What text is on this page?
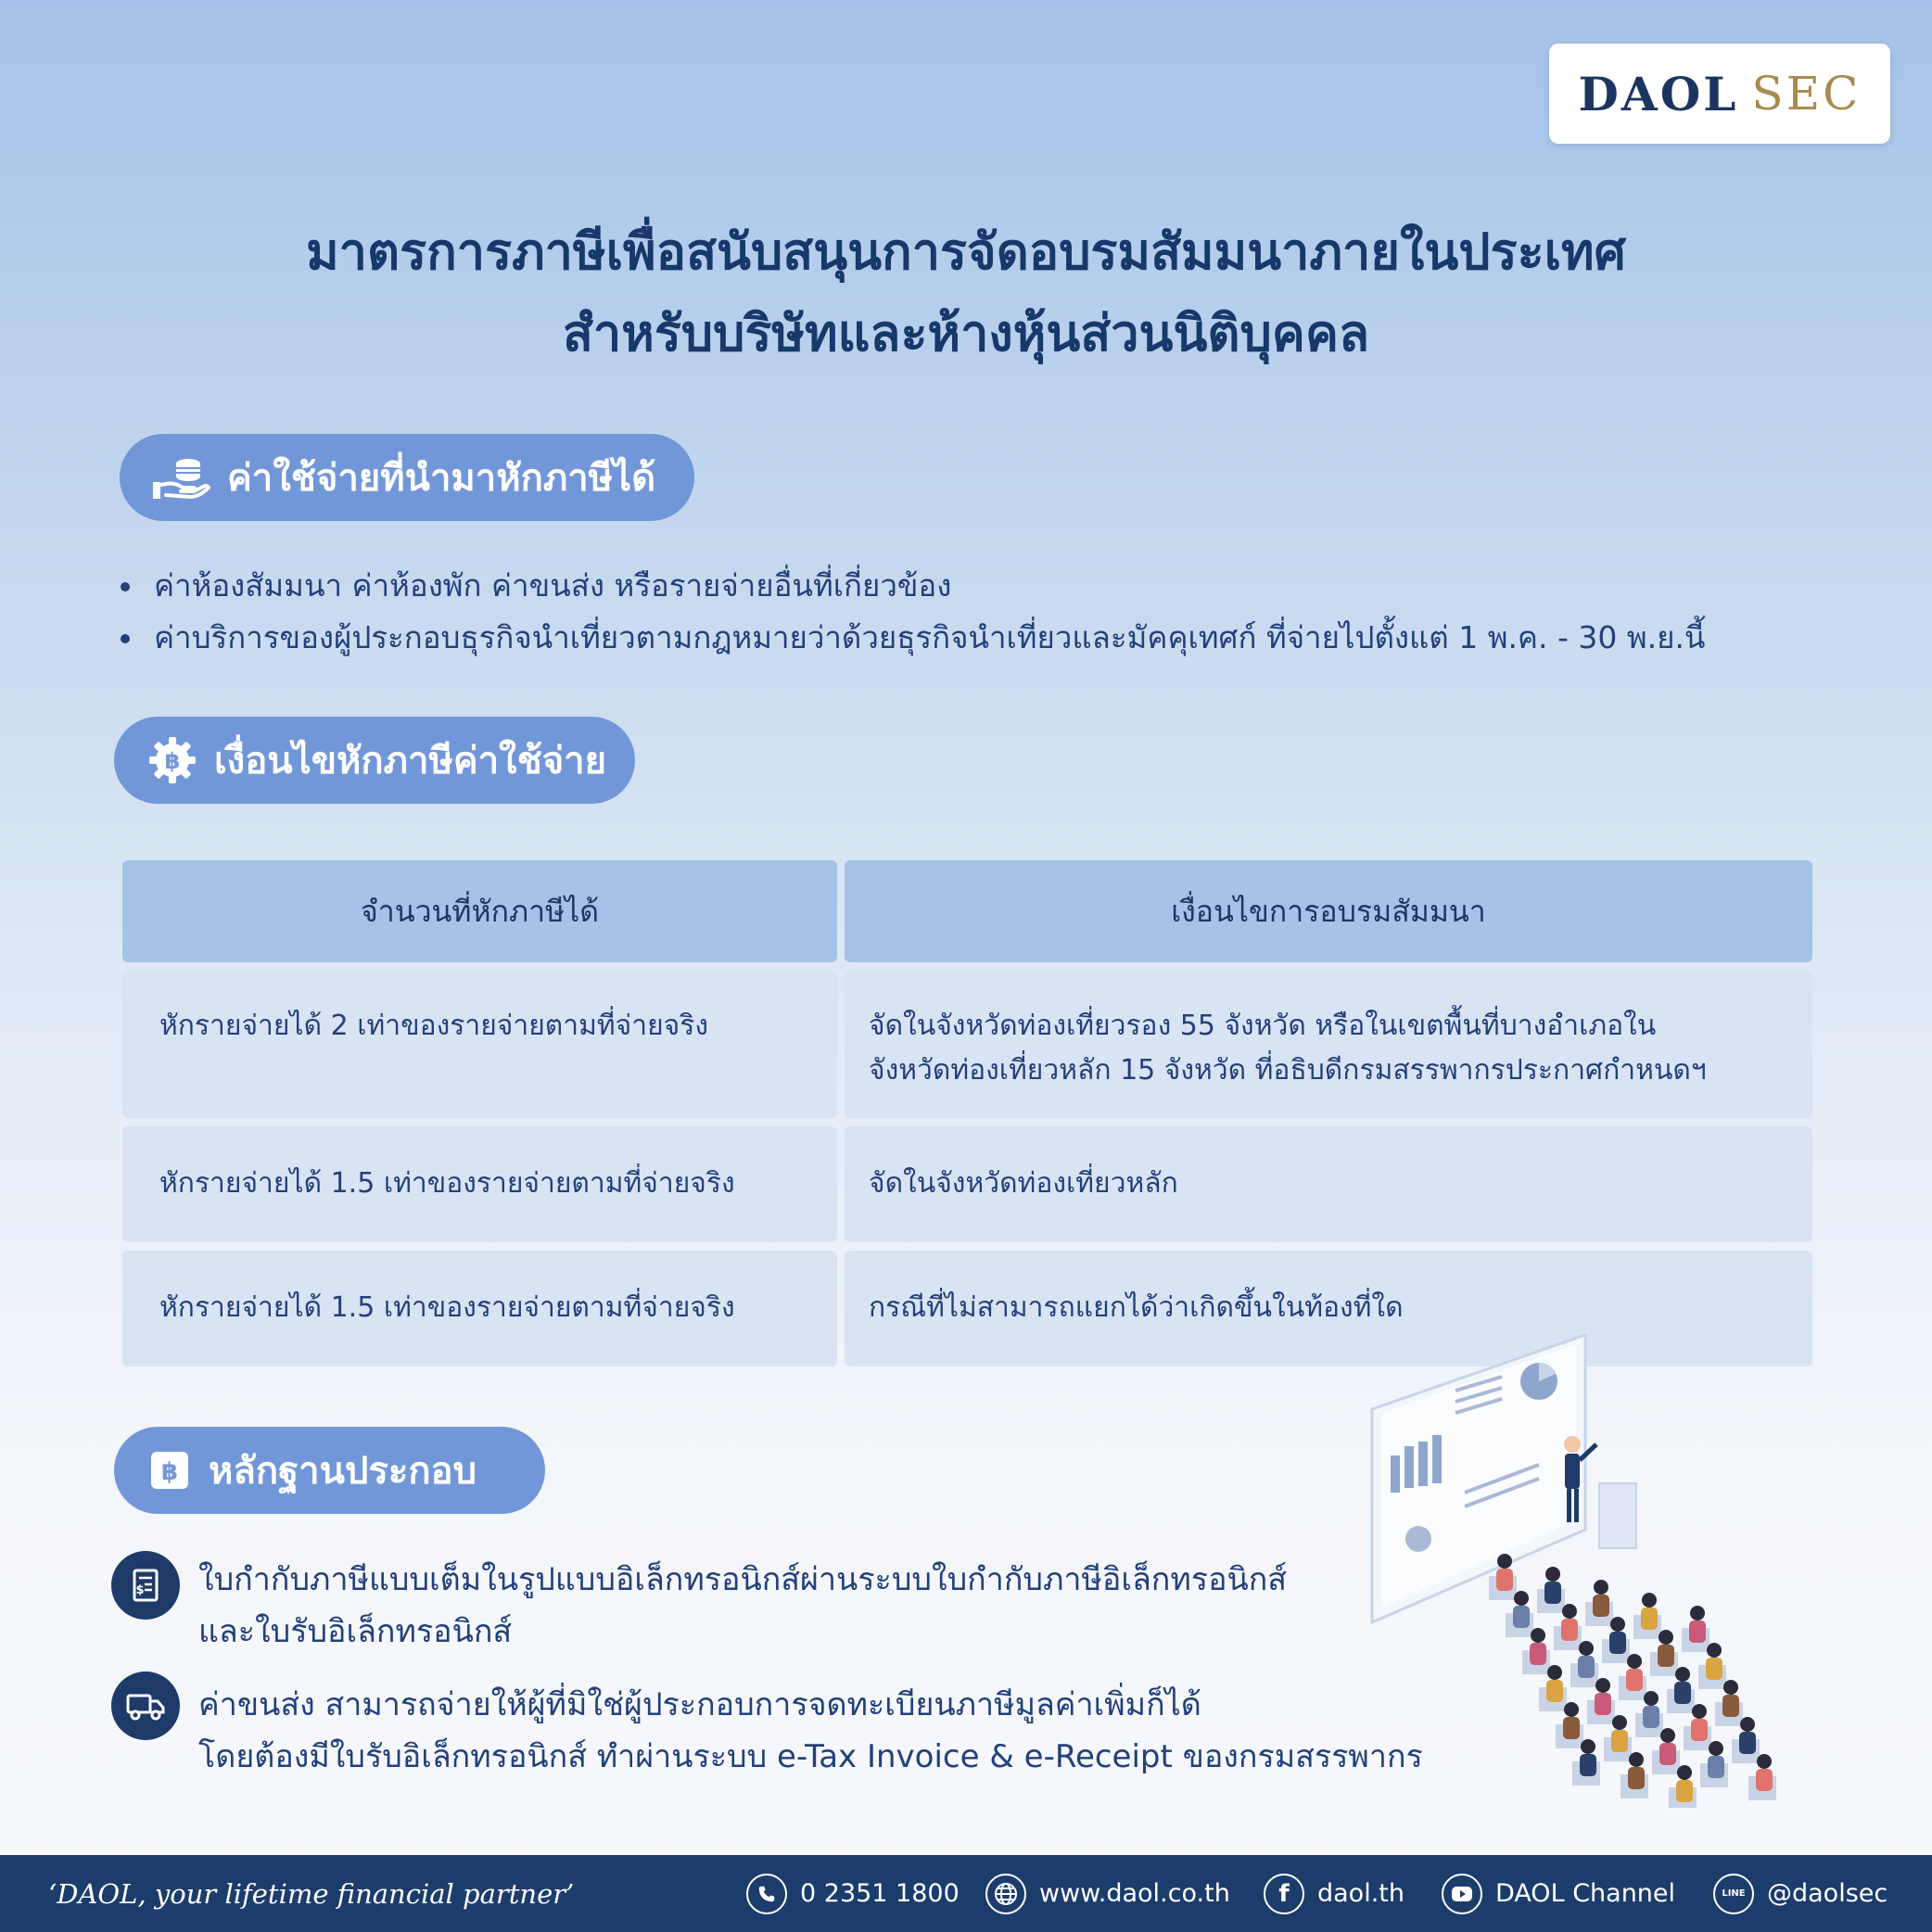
DAOL SEC
มาตรการภาษีเพื่อสนับสนุนการจัดอบรมสัมมนาภายในประเทศ
สำหรับบริษัทและห้างหุ้นส่วนนิติบุคคล
ค่าใช้จ่ายที่นำมาหักภาษีได้
ค่าห้องสัมมนา ค่าห้องพัก ค่าขนส่ง หรือรายจ่ายอื่นที่เกี่ยวข้อง
ค่าบริการของผู้ประกอบธุรกิจนำเที่ยวตามกฎหมายว่าด้วยธุรกิจนำเที่ยวและมัคคุเทศก์ ที่จ่ายไปตั้งแต่ 1 พ.ค. - 30 พ.ย.นี้
฿ เงื่อนไขหักภาษีค่าใช้จ่าย
จำนวนที่หักภาษีได้	เงื่อนไขการอบรมสัมมนา
หักรายจ่ายได้ 2 เท่าของรายจ่ายตามที่จ่ายจริง	จัดในจังหวัดท่องเที่ยวรอง 55 จังหวัด หรือในเขตพื้นที่บางอำเภอใน
จังหวัดท่องเที่ยวหลัก 15 จังหวัด ที่อธิบดีกรมสรรพากรประกาศกำหนดฯ
หักรายจ่ายได้ 1.5 เท่าของรายจ่ายตามที่จ่ายจริง	จัดในจังหวัดท่องเที่ยวหลัก
หักรายจ่ายได้ 1.5 เท่าของรายจ่ายตามที่จ่ายจริง	กรณีที่ไม่สามารถแยกได้ว่าเกิดขึ้นในท้องที่ใด
฿ หลักฐานประกอบ
$ ใบกำกับภาษีแบบเต็มในรูปแบบอิเล็กทรอนิกส์ผ่านระบบใบกำกับภาษีอิเล็กทรอนิกส์
และใบรับอิเล็กทรอนิกส์
ค่าขนส่ง สามารถจ่ายให้ผู้ที่มิใช่ผู้ประกอบการจดทะเบียนภาษีมูลค่าเพิ่มก็ได้
โดยต้องมีใบรับอิเล็กทรอนิกส์ ทำผ่านระบบ e-Tax Invoice & e-Receipt ของกรมสรรพากร
‘DAOL, your lifetime financial partner’	0 2351 1800	www.daol.co.th	f	daol.th	DAOL Channel	LINE @daolsec
